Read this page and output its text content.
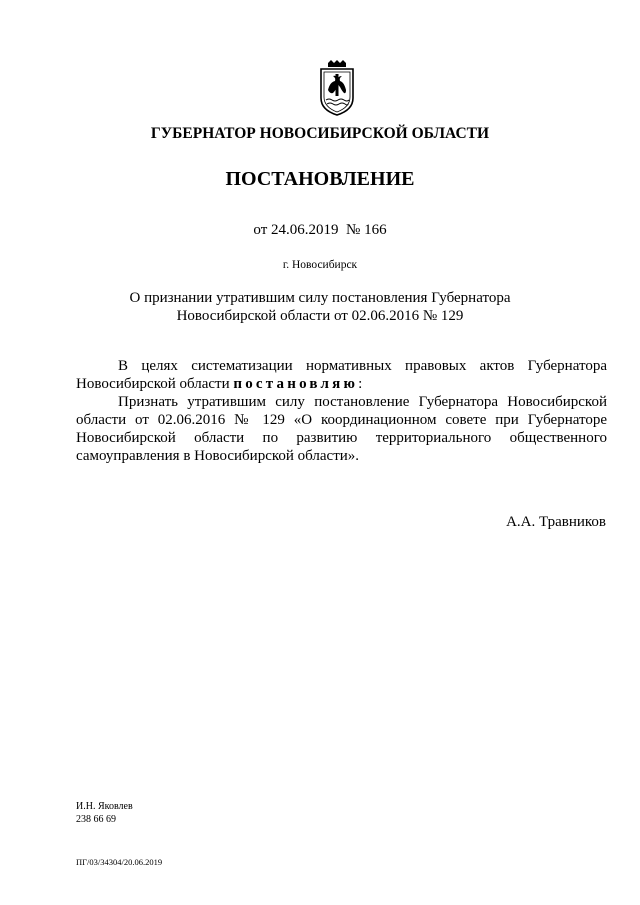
ГУБЕРНАТОР НОВОСИБИРСКОЙ ОБЛАСТИ
ПОСТАНОВЛЕНИЕ
от 24.06.2019 № 166
г. Новосибирск
О признании утратившим силу постановления Губернатора
Новосибирской области от 02.06.2016 № 129

В целях систематизации нормативных правовых актов Губернатора Новосибирской области постановляю:

Признать утратившим силу постановление Губернатора Новосибирской области от 02.06.2016 № 129 «О координационном совете при Губернаторе Новосибирской области по развитию территориального общественного самоуправления в Новосибирской области».

А.А. Травников
И.Н. Яковлев
238 66 69
ПГ/03/34304/20.06.2019
